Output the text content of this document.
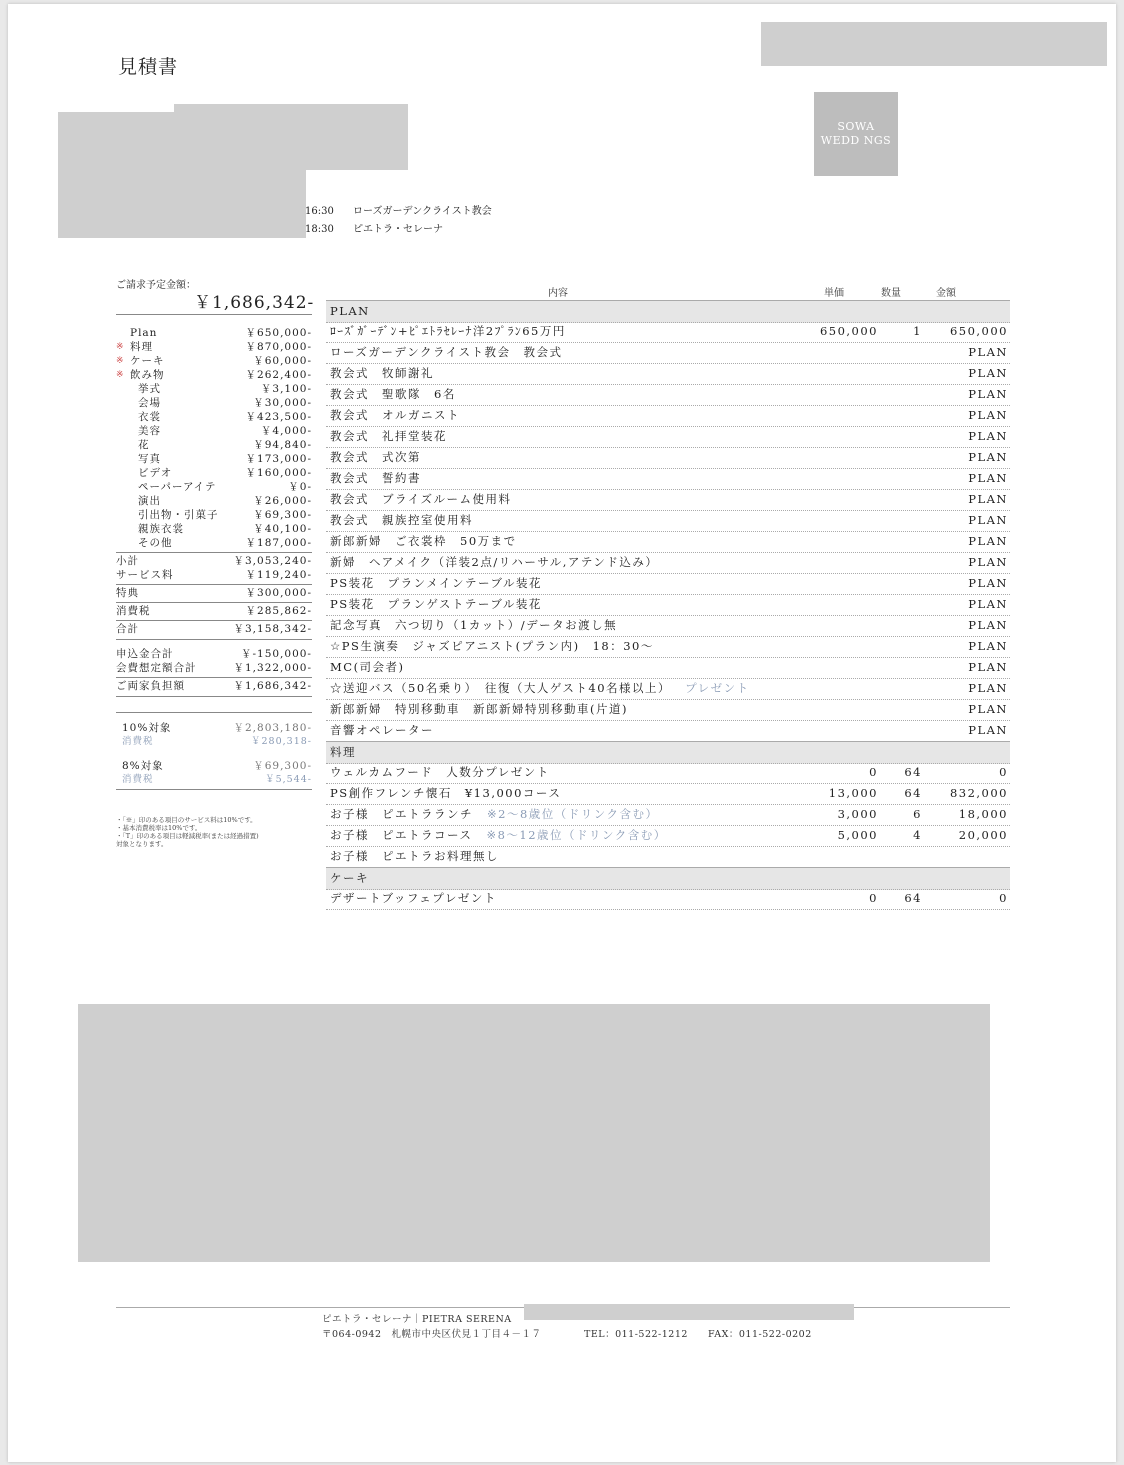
見積書
SOWA
WEDD NGS
16:30 ローズガーデンクライスト教会
18:30 ピエトラ・セレーナ
ご請求予定金額：
￥1,686,342-
Plan	￥650,000-
※ 料理	￥870,000-
※ ケーキ	￥60,000-
※ 飲み物	￥262,400-
挙式	￥3,100-
会場	￥30,000-
衣裳	￥423,500-
美容	￥4,000-
花	￥94,840-
写真	￥173,000-
ビデオ	￥160,000-
ペーパーアイテ	￥0-
演出	￥26,000-
引出物・引菓子	￥69,300-
親族衣裳	￥40,100-
その他	￥187,000-
小計	￥3,053,240-
サービス料	￥119,240-
特典	￥300,000-
消費税	￥285,862-
合計	￥3,158,342-
申込金合計	￥-150,000-
会費想定額合計	￥1,322,000-
ご両家負担額	￥1,686,342-
10%対象	￥2,803,180-
消費税	￥280,318-
8%対象	￥69,300-
消費税	￥5,544-
・「※」印のある項目のサービス料は10%です。
・基本消費税率は10%です。
・「T」印のある項目は軽減税率(または経過措置)
対象となります。
内容	単価	数量	金額
PLAN
ﾛｰｽﾞｶﾞｰﾃﾞﾝ+ﾋﾟｴﾄﾗｾﾚｰﾅ洋2ﾌﾟﾗﾝ65万円	650,000	1 650,000
ローズガーデンクライスト教会　教会式	PLAN
教会式　牧師謝礼	PLAN
教会式　聖歌隊　6名	PLAN
教会式　オルガニスト	PLAN
教会式　礼拝堂装花	PLAN
教会式　式次第	PLAN
教会式　誓約書	PLAN
教会式　ブライズルーム使用料	PLAN
教会式　親族控室使用料	PLAN
新郎新婦　ご衣裳枠　50万まで	PLAN
新婦　ヘアメイク（洋装2点/リハーサル,アテンド込み）	PLAN
PS装花　プランメインテーブル装花	PLAN
PS装花　プランゲストテーブル装花	PLAN
記念写真　六つ切り（1カット）/データお渡し無	PLAN
☆PS生演奏　ジャズピアニスト(プラン内)　18：30～	PLAN
MC(司会者)	PLAN
☆送迎バス（50名乗り）　往復（大人ゲスト40名様以上） プレゼント	PLAN
新郎新婦　特別移動車　新郎新婦特別移動車(片道)	PLAN
音響オペレーター	PLAN
料理
ウェルカムフード　人数分プレゼント	0 64	0
PS創作フレンチ懐石　¥13,000コース	13,000 64 832,000
お子様　ピエトラランチ ※2～8歳位（ドリンク含む）	3,000	6	18,000
お子様　ピエトラコース ※8～12歳位（ドリンク含む）	5,000	4	20,000
お子様　ピエトラお料理無し
ケーキ
デザートブッフェプレゼント	0 64	0
ピエトラ・セレーナ｜PIETRA SERENA
〒064-0942　札幌市中央区伏見１丁目４－１７	TEL：011-522-1212 FAX：011-522-0202
